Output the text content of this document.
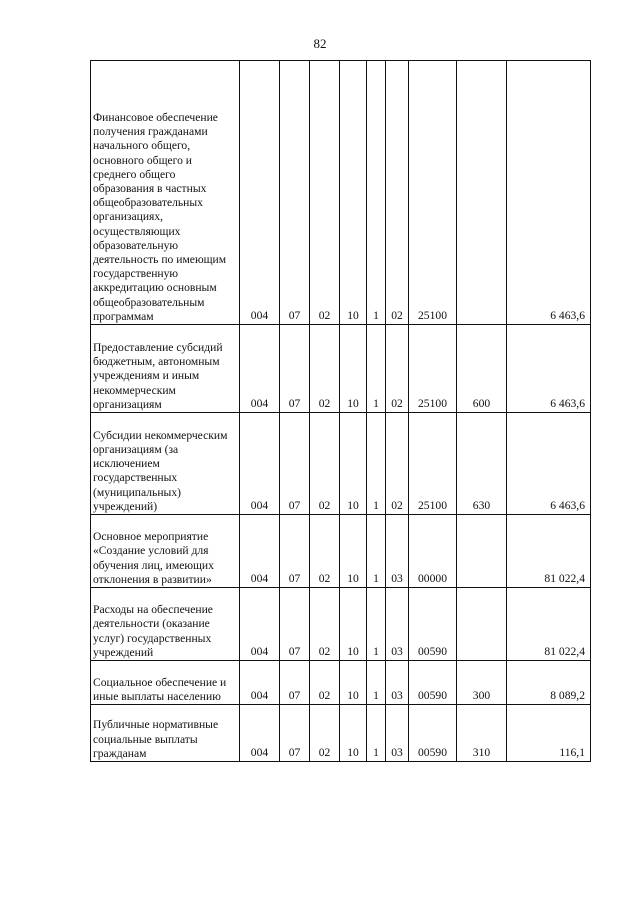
82
Финансовое обеспечение получения гражданами начального общего, основного общего и среднего общего образования в частных общеобразовательных организациях, осуществляющих образовательную деятельность по имеющим государственную аккредитацию основным общеобразовательным программам	004	07	02	10	1	02	25100		6 463,6
Предоставление субсидий бюджетным, автономным учреждениям и иным некоммерческим организациям	004	07	02	10	1	02	25100	600	6 463,6
Субсидии некоммерческим организациям (за исключением государственных (муниципальных) учреждений)	004	07	02	10	1	02	25100	630	6 463,6
Основное мероприятие «Создание условий для обучения лиц, имеющих отклонения в развитии»	004	07	02	10	1	03	00000		81 022,4
Расходы на обеспечение деятельности (оказание услуг) государственных учреждений	004	07	02	10	1	03	00590		81 022,4
Социальное обеспечение и иные выплаты населению	004	07	02	10	1	03	00590	300	8 089,2
Публичные нормативные социальные выплаты гражданам	004	07	02	10	1	03	00590	310	116,1
·
